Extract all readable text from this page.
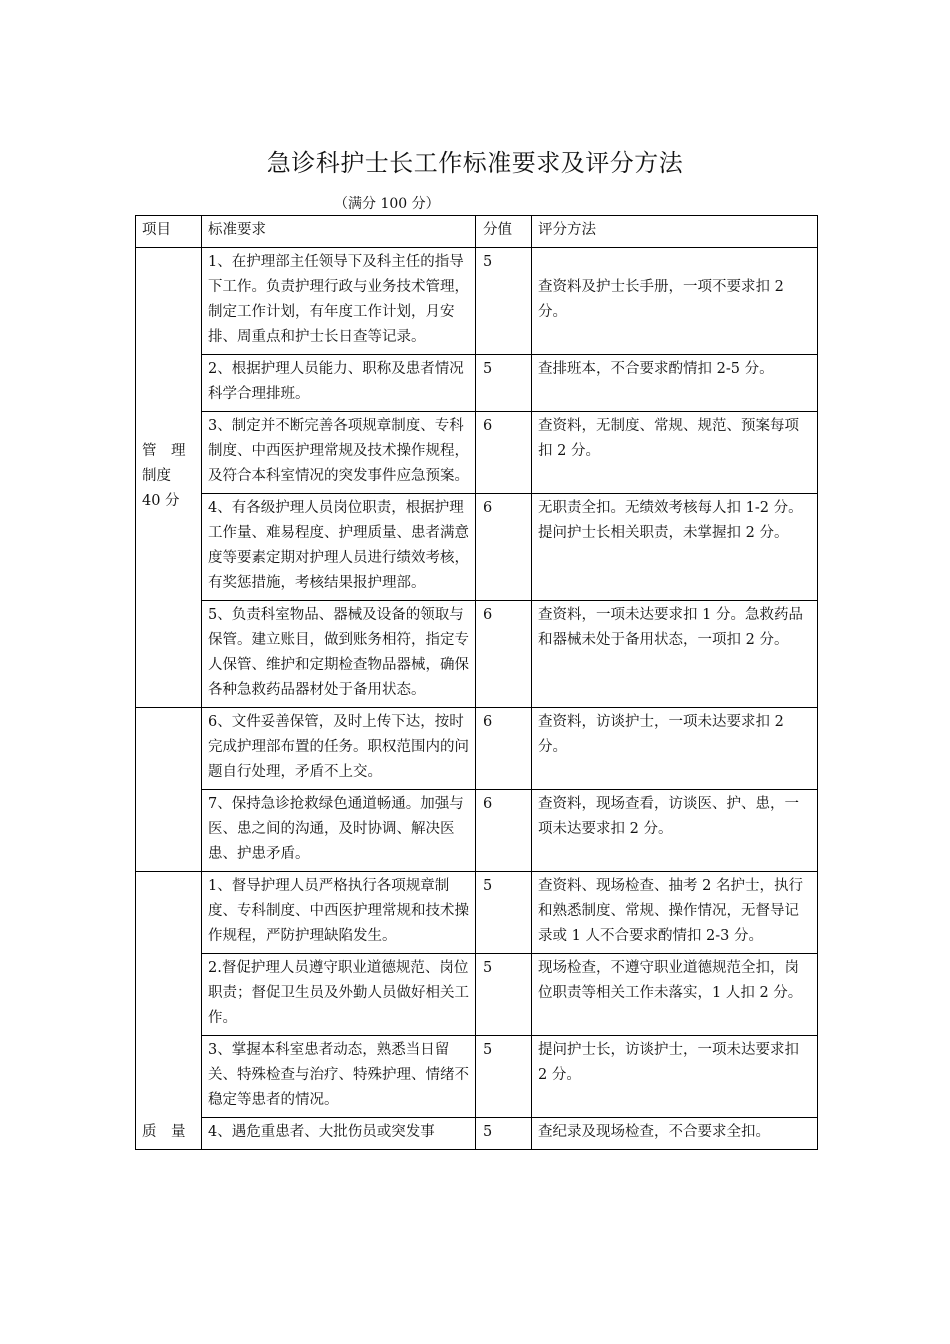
急诊科护士长工作标准要求及评分方法
（满分 100 分）
项目	标准要求	分值	评分方法

管　理
制度
40 分	1、在护理部主任领导下及科主任的指导下工作。负责护理行政与业务技术管理，制定工作计划，有年度工作计划，月安排、周重点和护士长日查等记录。	5	查资料及护士长手册，一项不要求扣 2 分。
	2、根据护理人员能力、职称及患者情况科学合理排班。	5	查排班本，不合要求酌情扣 2-5 分。
	3、制定并不断完善各项规章制度、专科制度、中西医护理常规及技术操作规程，及符合本科室情况的突发事件应急预案。	6	查资料，无制度、常规、规范、预案每项扣 2 分。
	4、有各级护理人员岗位职责，根据护理工作量、难易程度、护理质量、患者满意度等要素定期对护理人员进行绩效考核，有奖惩措施，考核结果报护理部。	6	无职责全扣。无绩效考核每人扣 1-2 分。提问护士长相关职责，未掌握扣 2 分。
	5、负责科室物品、器械及设备的领取与保管。建立账目，做到账务相符，指定专人保管、维护和定期检查物品器械，确保各种急救药品器材处于备用状态。	6	查资料，一项未达要求扣 1 分。急救药品和器械未处于备用状态，一项扣 2 分。
	6、文件妥善保管，及时上传下达，按时完成护理部布置的任务。职权范围内的问题自行处理，矛盾不上交。	6	查资料，访谈护士，一项未达要求扣 2 分。
	7、保持急诊抢救绿色通道畅通。加强与医、患之间的沟通，及时协调、解决医患、护患矛盾。	6	查资料，现场查看，访谈医、护、患，一项未达要求扣 2 分。

质　量	1、督导护理人员严格执行各项规章制度、专科制度、中西医护理常规和技术操作规程，严防护理缺陷发生。	5	查资料、现场检查、抽考 2 名护士，执行和熟悉制度、常规、操作情况，无督导记录或 1 人不合要求酌情扣 2-3 分。
	2.督促护理人员遵守职业道德规范、岗位职责；督促卫生员及外勤人员做好相关工作。	5	现场检查，不遵守职业道德规范全扣，岗位职责等相关工作未落实，1 人扣 2 分。
	3、掌握本科室患者动态，熟悉当日留关、特殊检查与治疗、特殊护理、情绪不稳定等患者的情况。	5	提问护士长，访谈护士，一项未达要求扣 2 分。
	4、遇危重患者、大批伤员或突发事	5	查纪录及现场检查，不合要求全扣。
